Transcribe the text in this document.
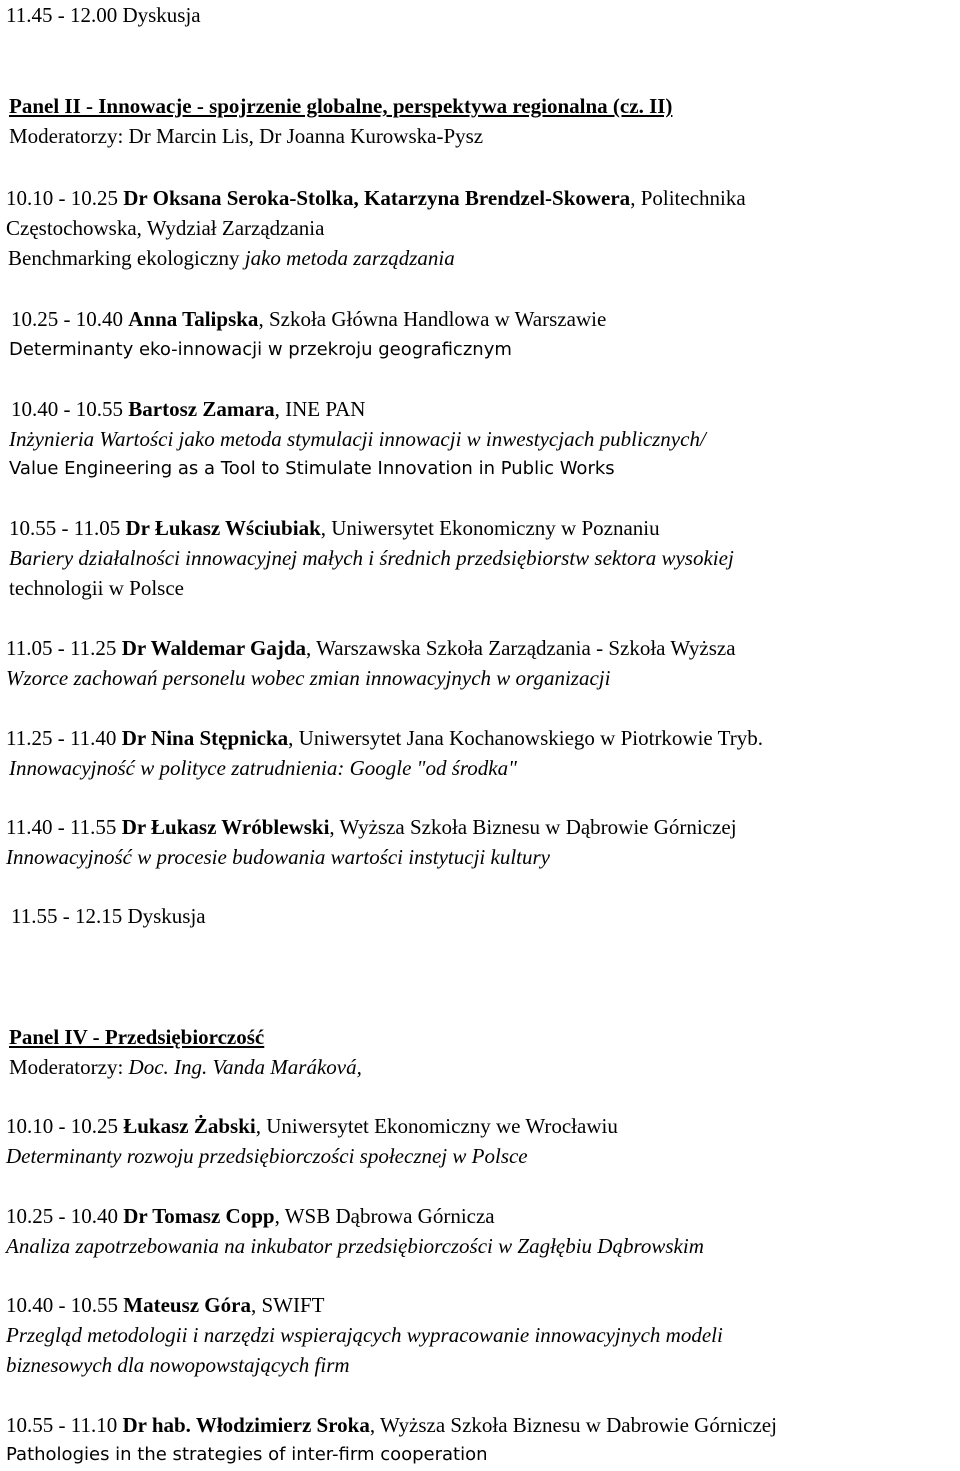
11.45 - 12.00 Dyskusja
Panel II - Innowacje - spojrzenie globalne, perspektywa regionalna (cz. II)
Moderatorzy: Dr Marcin Lis, Dr Joanna Kurowska-Pysz
10.10 - 10.25 Dr Oksana Seroka-Stolka, Katarzyna Brendzel-Skowera, Politechnika
Częstochowska, Wydział Zarządzania
Benchmarking ekologiczny jako metoda zarządzania
10.25 - 10.40 Anna Talipska, Szkoła Główna Handlowa w Warszawie
Determinanty eko-innowacji w przekroju geograficznym
10.40 - 10.55 Bartosz Zamara, INE PAN
Inżynieria Wartości jako metoda stymulacji innowacji w inwestycjach publicznych/
Value Engineering as a Tool to Stimulate Innovation in Public Works
10.55 - 11.05 Dr Łukasz Wściubiak, Uniwersytet Ekonomiczny w Poznaniu
Bariery działalności innowacyjnej małych i średnich przedsiębiorstw sektora wysokiej
technologii w Polsce
11.05 - 11.25 Dr Waldemar Gajda, Warszawska Szkoła Zarządzania - Szkoła Wyższa
Wzorce zachowań personelu wobec zmian innowacyjnych w organizacji
11.25 - 11.40 Dr Nina Stępnicka, Uniwersytet Jana Kochanowskiego w Piotrkowie Tryb.
Innowacyjność w polityce zatrudnienia: Google "od środka"
11.40 - 11.55 Dr Łukasz Wróblewski, Wyższa Szkoła Biznesu w Dąbrowie Górniczej
Innowacyjność w procesie budowania wartości instytucji kultury
11.55 - 12.15 Dyskusja
Panel IV - Przedsiębiorczość
Moderatorzy: Doc. Ing. Vanda Maráková,
10.10 - 10.25 Łukasz Żabski, Uniwersytet Ekonomiczny we Wrocławiu
Determinanty rozwoju przedsiębiorczości społecznej w Polsce
10.25 - 10.40 Dr Tomasz Copp, WSB Dąbrowa Górnicza
Analiza zapotrzebowania na inkubator przedsiębiorczości w Zagłębiu Dąbrowskim
10.40 - 10.55 Mateusz Góra, SWIFT
Przegląd metodologii i narzędzi wspierających wypracowanie innowacyjnych modeli
biznesowych dla nowopowstających firm
10.55 - 11.10 Dr hab. Włodzimierz Sroka, Wyższa Szkoła Biznesu w Dabrowie Górniczej
Pathologies in the strategies of inter-firm cooperation
